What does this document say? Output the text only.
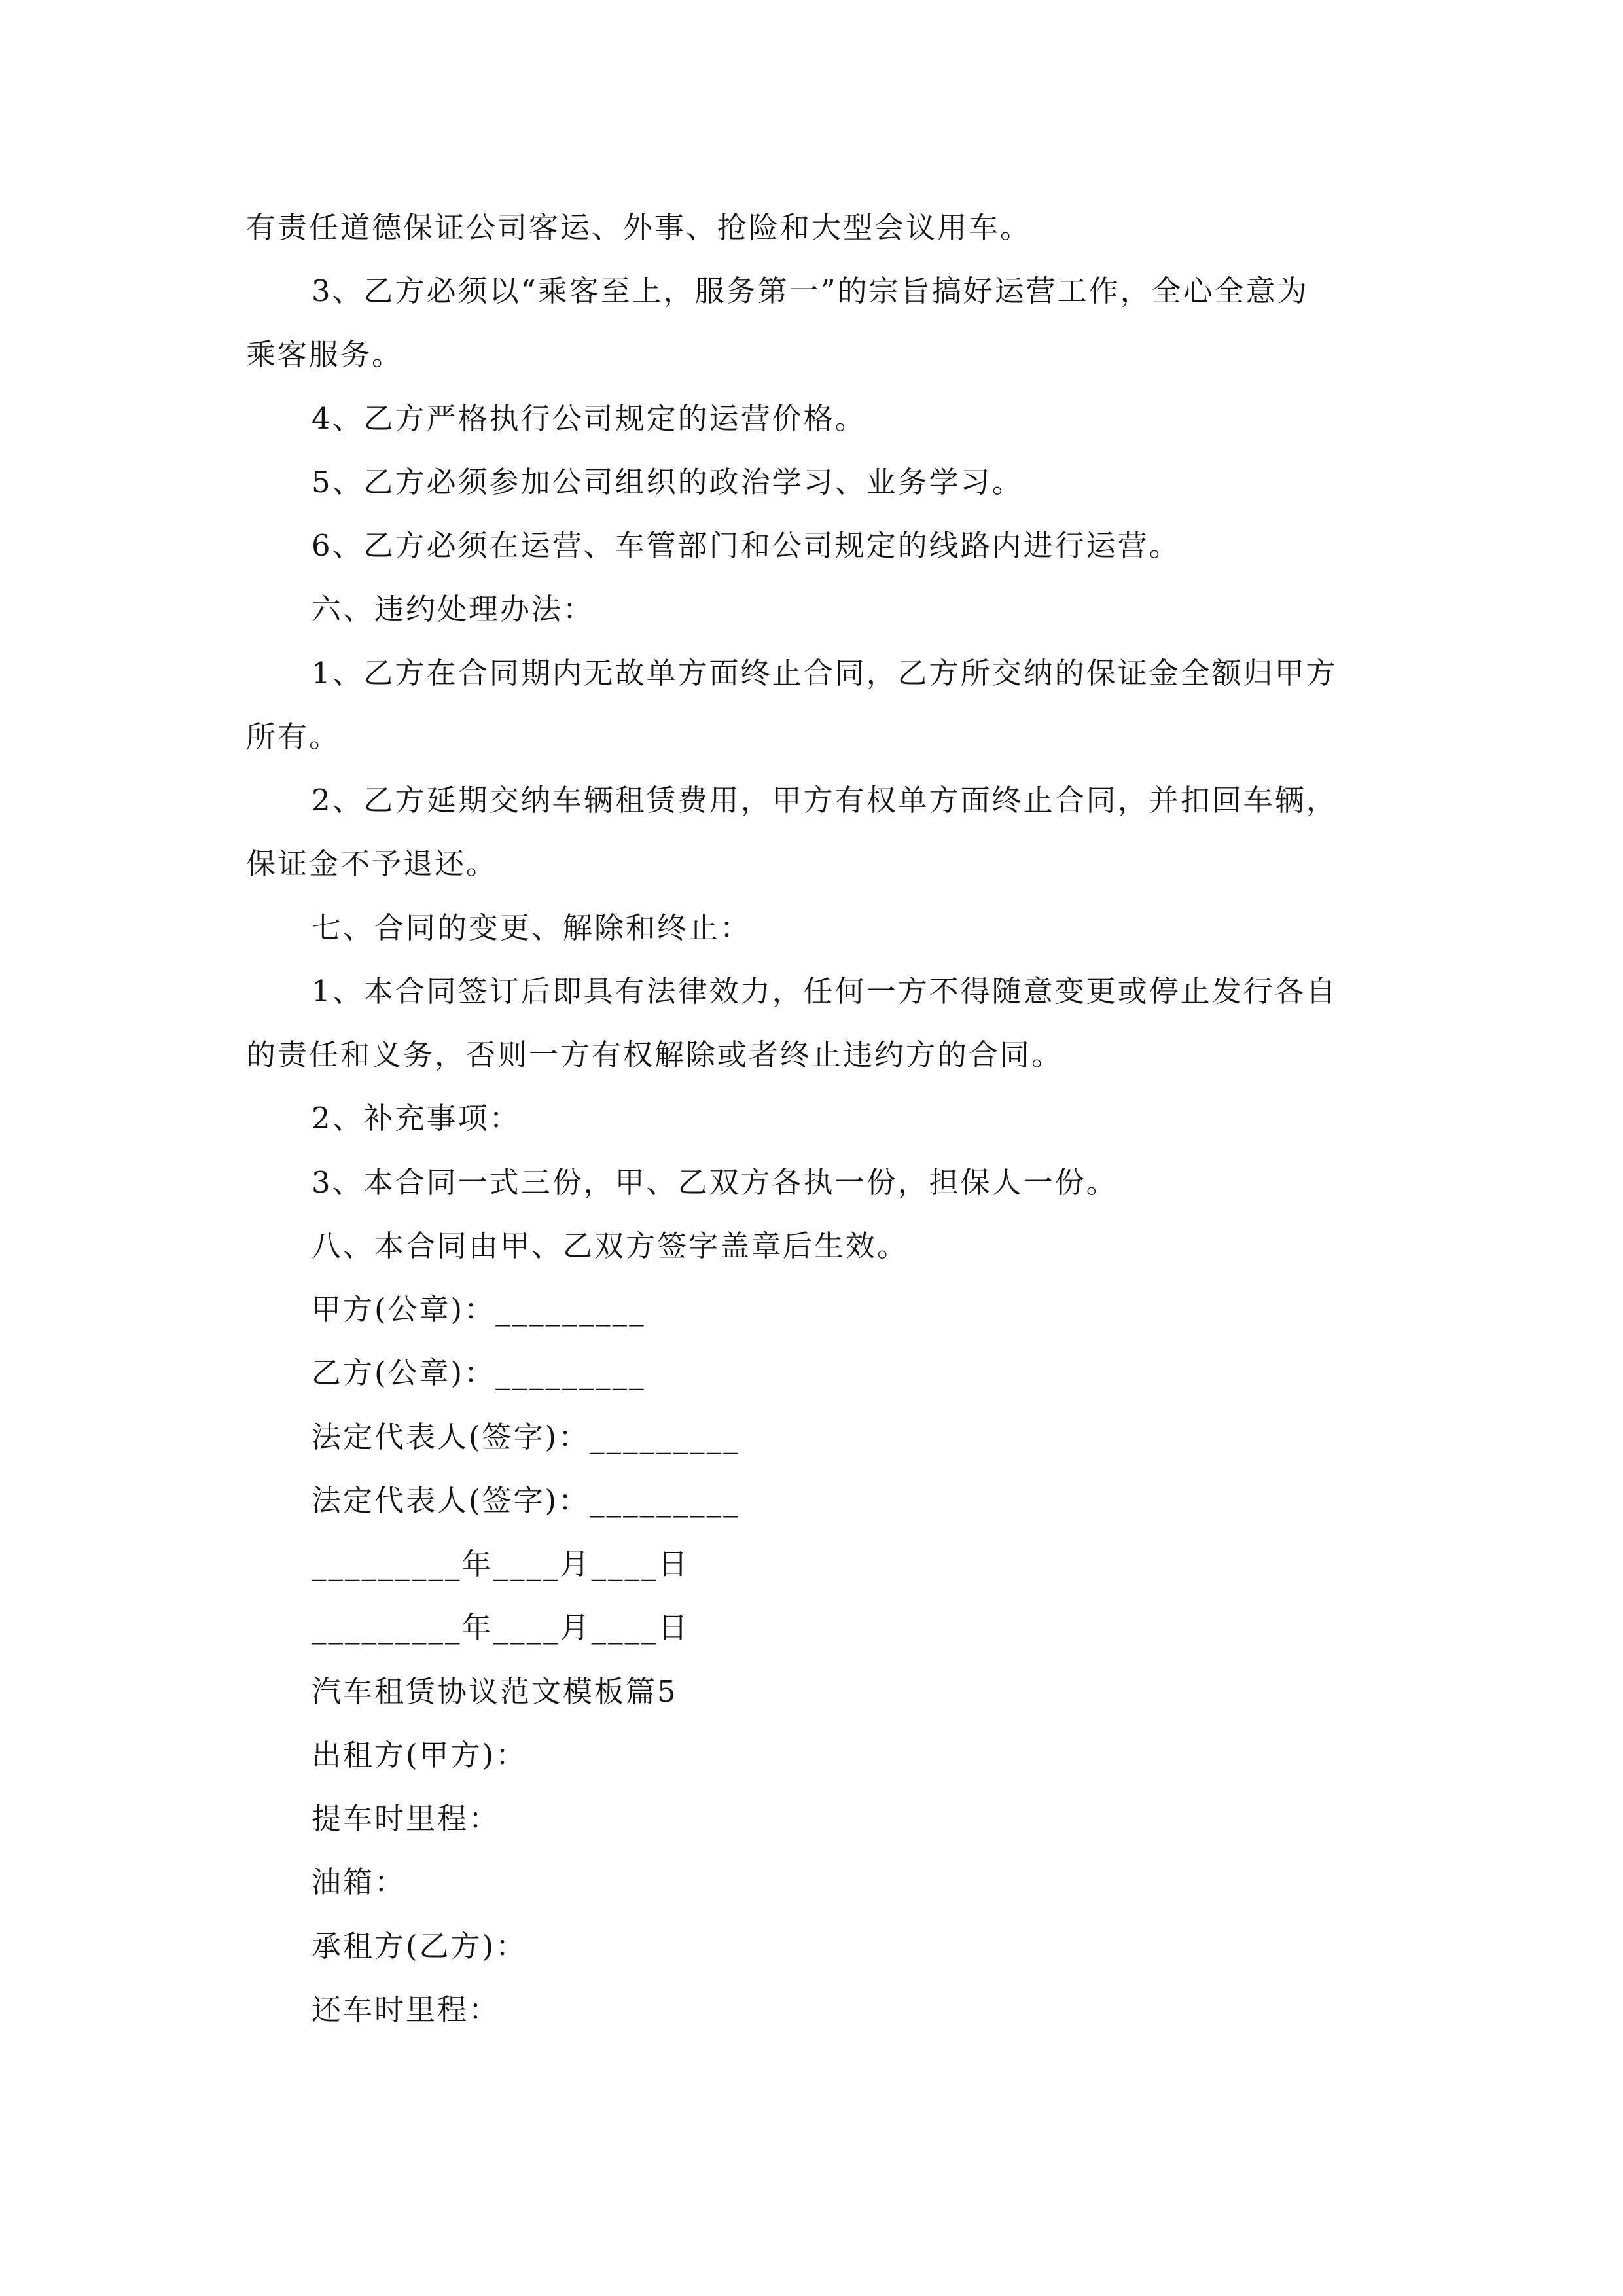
有责任道德保证公司客运、外事、抢险和大型会议用车。
3、乙方必须以“乘客至上，服务第一”的宗旨搞好运营工作，全心全意为
乘客服务。
4、乙方严格执行公司规定的运营价格。
5、乙方必须参加公司组织的政治学习、业务学习。
6、乙方必须在运营、车管部门和公司规定的线路内进行运营。
六、违约处理办法：
1、乙方在合同期内无故单方面终止合同，乙方所交纳的保证金全额归甲方
所有。
2、乙方延期交纳车辆租赁费用，甲方有权单方面终止合同，并扣回车辆，
保证金不予退还。
七、合同的变更、解除和终止：
1、本合同签订后即具有法律效力，任何一方不得随意变更或停止发行各自
的责任和义务，否则一方有权解除或者终止违约方的合同。
2、补充事项：
3、本合同一式三份，甲、乙双方各执一份，担保人一份。
八、本合同由甲、乙双方签字盖章后生效。
甲方(公章)：_________
乙方(公章)：_________
法定代表人(签字)：_________
法定代表人(签字)：_________
_________年____月____日
_________年____月____日
汽车租赁协议范文模板篇5
出租方(甲方)：
提车时里程：
油箱：
承租方(乙方)：
还车时里程：
